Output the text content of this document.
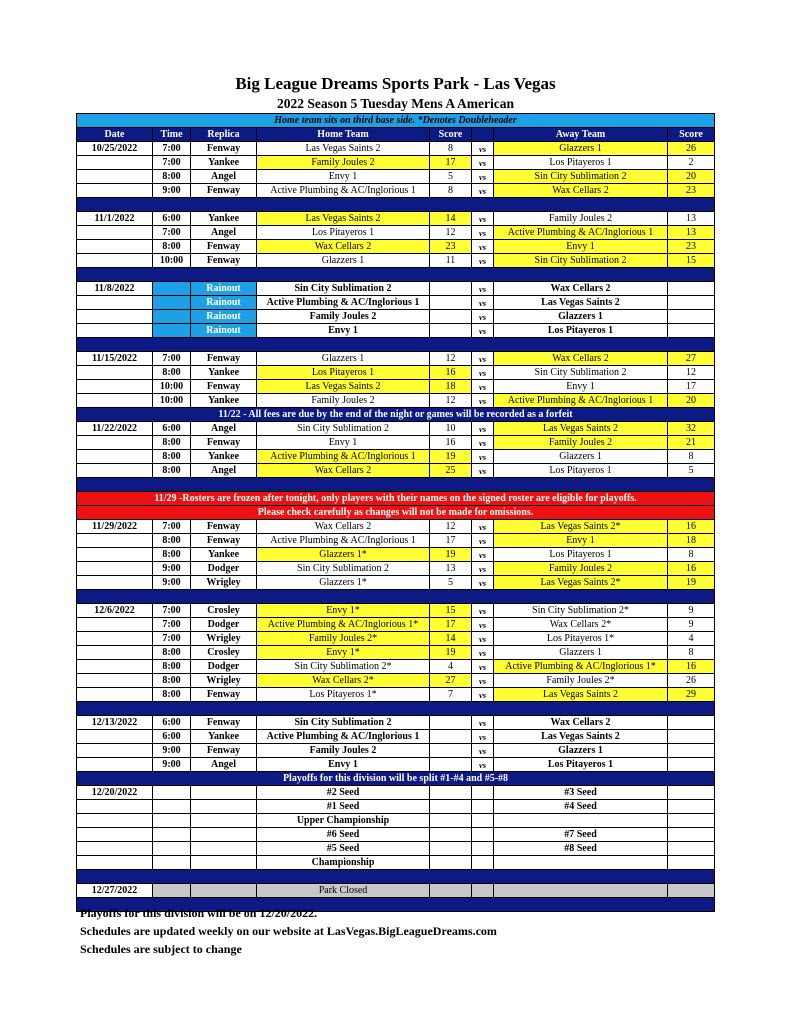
Big League Dreams Sports Park - Las Vegas
2022 Season 5 Tuesday Mens A American
Home team sits on third base side. *Denotes Doubleheader							
Date	Time	Replica	Home Team	Score		Away Team	Score
10/25/2022	7:00	Fenway	Las Vegas Saints 2	8	vs	Glazzers 1	26
	7:00	Yankee	Family Joules 2	17	vs	Los Pitayeros 1	2
	8:00	Angel	Envy 1	5	vs	Sin City Sublimation 2	20
	9:00	Fenway	Active Plumbing & AC/Inglorious 1	8	vs	Wax Cellars 2	23

11/1/2022	6:00	Yankee	Las Vegas Saints 2	14	vs	Family Joules 2	13
	7:00	Angel	Los Pitayeros 1	12	vs	Active Plumbing & AC/Inglorious 1	13
	8:00	Fenway	Wax Cellars 2	23	vs	Envy 1	23
	10:00	Fenway	Glazzers 1	11	vs	Sin City Sublimation 2	15

11/8/2022		Rainout	Sin City Sublimation 2		vs	Wax Cellars 2	
		Rainout	Active Plumbing & AC/Inglorious 1		vs	Las Vegas Saints 2	
		Rainout	Family Joules 2		vs	Glazzers 1	
		Rainout	Envy 1		vs	Los Pitayeros 1	

11/15/2022	7:00	Fenway	Glazzers 1	12	vs	Wax Cellars 2	27
	8:00	Yankee	Los Pitayeros 1	16	vs	Sin City Sublimation 2	12
	10:00	Fenway	Las Vegas Saints 2	18	vs	Envy 1	17
	10:00	Yankee	Family Joules 2	12	vs	Active Plumbing & AC/Inglorious 1	20
11/22 - All fees are due by the end of the night or games will be recorded as a forfeit							
11/22/2022	6:00	Angel	Sin City Sublimation 2	10	vs	Las Vegas Saints 2	32
	8:00	Fenway	Envy 1	16	vs	Family Joules 2	21
	8:00	Yankee	Active Plumbing & AC/Inglorious 1	19	vs	Glazzers 1	8
	8:00	Angel	Wax Cellars 2	25	vs	Los Pitayeros 1	5

11/29 -Rosters are frozen after tonight, only players with their names on the signed roster are eligible for playoffs.							
Please check carefully as changes will not be made for omissions.							
11/29/2022	7:00	Fenway	Wax Cellars 2	12	vs	Las Vegas Saints 2*	16
	8:00	Fenway	Active Plumbing & AC/Inglorious 1	17	vs	Envy 1	18
	8:00	Yankee	Glazzers 1*	19	vs	Los Pitayeros 1	8
	9:00	Dodger	Sin City Sublimation 2	13	vs	Family Joules 2	16
	9:00	Wrigley	Glazzers 1*	5	vs	Las Vegas Saints 2*	19

12/6/2022	7:00	Crosley	Envy 1*	15	vs	Sin City Sublimation 2*	9
	7:00	Dodger	Active Plumbing & AC/Inglorious 1*	17	vs	Wax Cellars 2*	9
	7:00	Wrigley	Family Joules 2*	14	vs	Los Pitayeros 1*	4
	8:00	Crosley	Envy 1*	19	vs	Glazzers 1	8
	8:00	Dodger	Sin City Sublimation 2*	4	vs	Active Plumbing & AC/Inglorious 1*	16
	8:00	Wrigley	Wax Cellars 2*	27	vs	Family Joules 2*	26
	8:00	Fenway	Los Pitayeros 1*	7	vs	Las Vegas Saints 2	29

12/13/2022	6:00	Fenway	Sin City Sublimation 2		vs	Wax Cellars 2	
	6:00	Yankee	Active Plumbing & AC/Inglorious 1		vs	Las Vegas Saints 2	
	9:00	Fenway	Family Joules 2		vs	Glazzers 1	
	9:00	Angel	Envy 1		vs	Los Pitayeros 1	
Playoffs for this division will be split #1-#4 and #5-#8							
12/20/2022			#2 Seed			#3 Seed	
			#1 Seed			#4 Seed	
			Upper Championship				
			#6 Seed			#7 Seed	
			#5 Seed			#8 Seed	
			Championship				

12/27/2022			Park Closed				

Playoffs for this division will be on 12/20/2022.
Schedules are updated weekly on our website at LasVegas.BigLeagueDreams.com
Schedules are subject to change
